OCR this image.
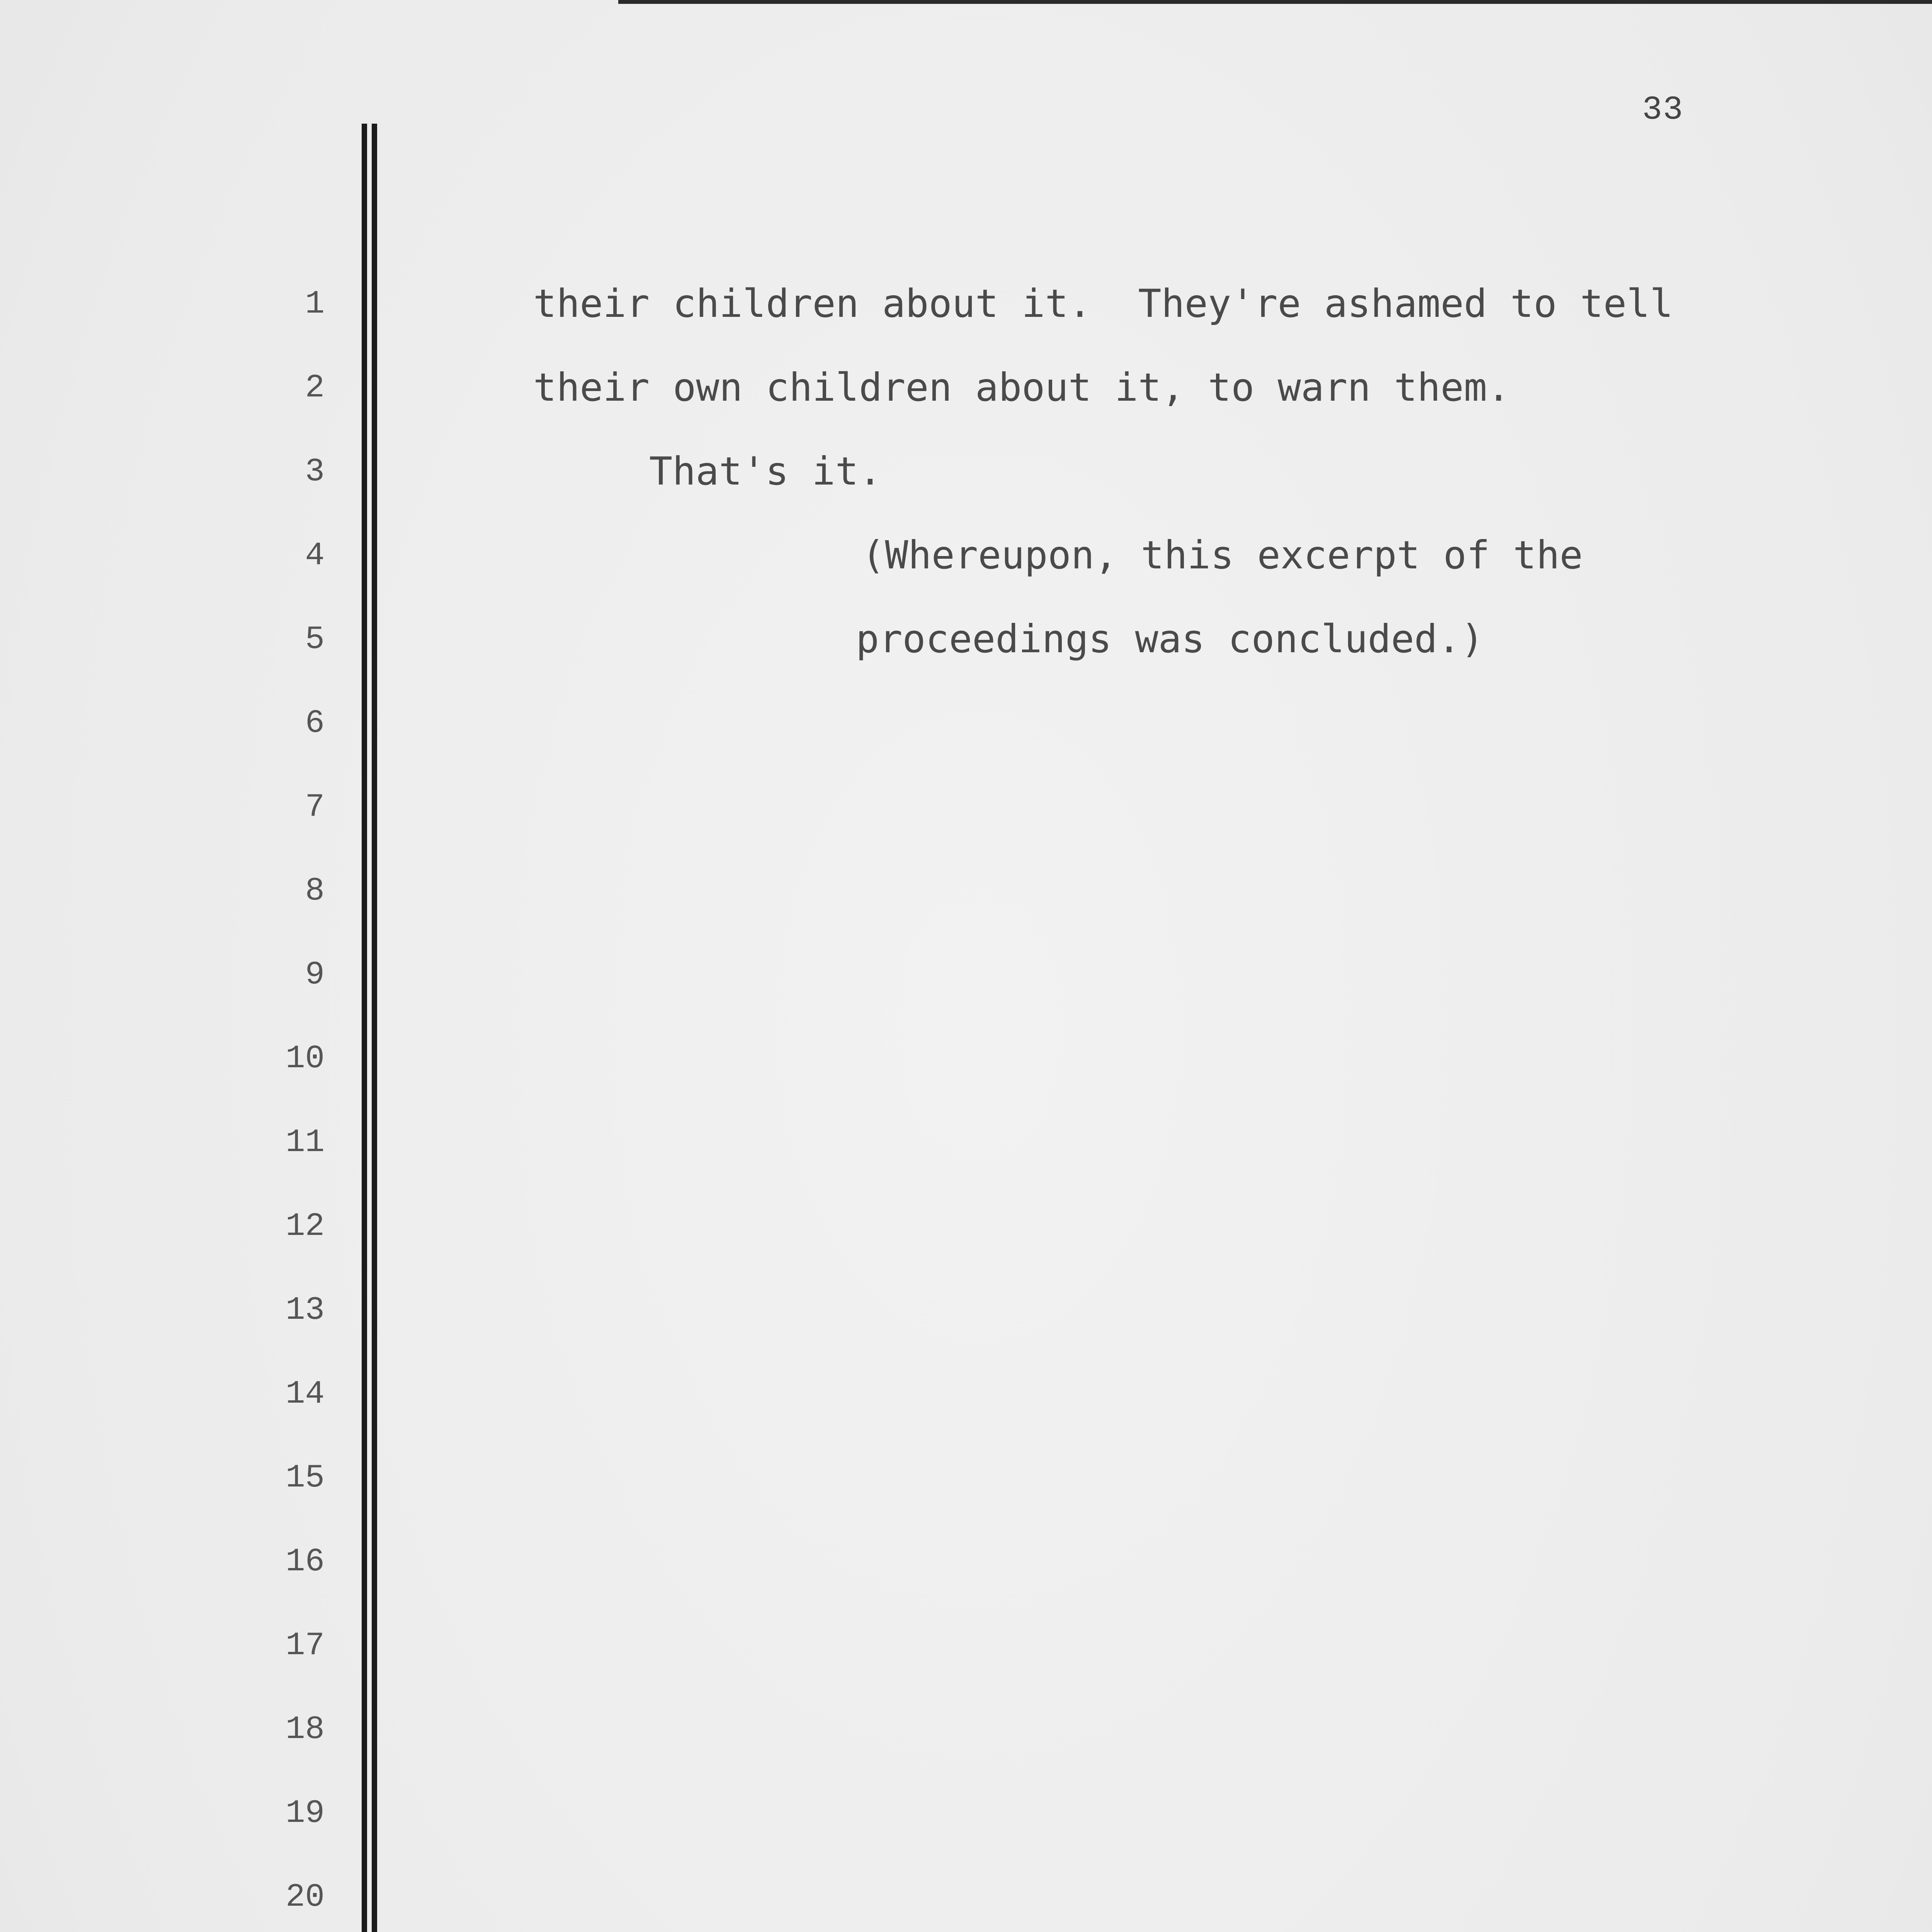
33
1
2
3
4
5
6
7
8
9
10
11
12
13
14
15
16
17
18
19
20
their children about it.  They're ashamed to tell
their own children about it, to warn them.
That's it.
(Whereupon, this excerpt of the
proceedings was concluded.)
